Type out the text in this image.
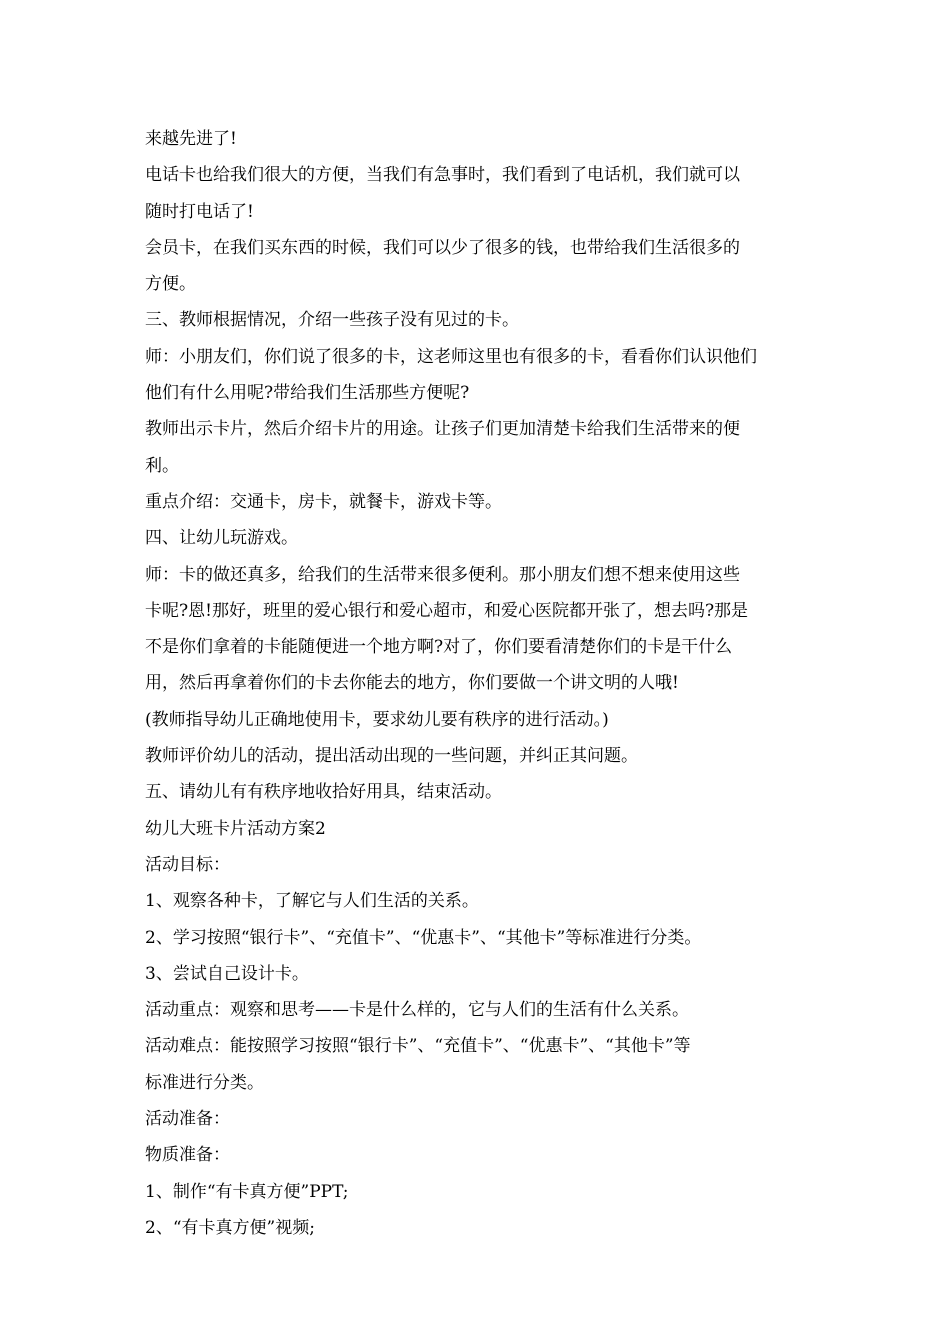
来越先进了!
电话卡也给我们很大的方便，当我们有急事时，我们看到了电话机，我们就可以
随时打电话了!
会员卡，在我们买东西的时候，我们可以少了很多的钱，也带给我们生活很多的
方便。
三、教师根据情况，介绍一些孩子没有见过的卡。
师：小朋友们，你们说了很多的卡，这老师这里也有很多的卡，看看你们认识他们
他们有什么用呢?带给我们生活那些方便呢?
教师出示卡片，然后介绍卡片的用途。让孩子们更加清楚卡给我们生活带来的便
利。
重点介绍：交通卡，房卡，就餐卡，游戏卡等。
四、让幼儿玩游戏。
师：卡的做还真多，给我们的生活带来很多便利。那小朋友们想不想来使用这些
卡呢?恩!那好，班里的爱心银行和爱心超市，和爱心医院都开张了，想去吗?那是
不是你们拿着的卡能随便进一个地方啊?对了，你们要看清楚你们的卡是干什么
用，然后再拿着你们的卡去你能去的地方，你们要做一个讲文明的人哦!
(教师指导幼儿正确地使用卡，要求幼儿要有秩序的进行活动。)
教师评价幼儿的活动，提出活动出现的一些问题，并纠正其问题。
五、请幼儿有有秩序地收拾好用具，结束活动。
幼儿大班卡片活动方案2
活动目标：
1、观察各种卡，了解它与人们生活的关系。
2、学习按照“银行卡”、“充值卡”、“优惠卡”、“其他卡”等标准进行分类。
3、尝试自己设计卡。
活动重点：观察和思考——卡是什么样的，它与人们的生活有什么关系。
活动难点：能按照学习按照“银行卡”、“充值卡”、“优惠卡”、“其他卡”等
标准进行分类。
活动准备：
物质准备：
1、制作“有卡真方便”PPT;
2、“有卡真方便”视频;
